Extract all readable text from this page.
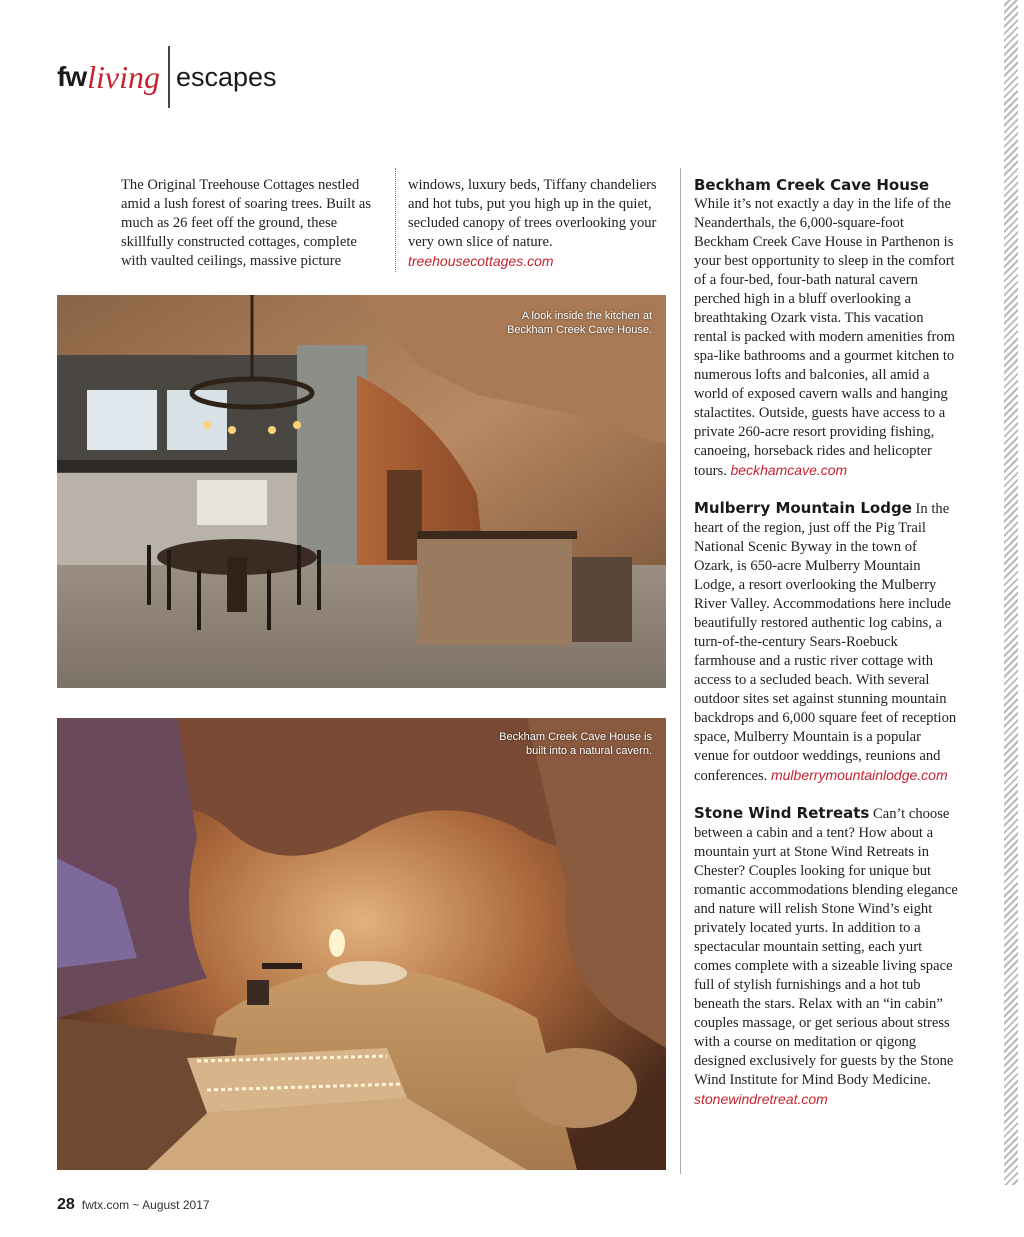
fw living escapes

The Original Treehouse Cottages nestled amid a lush forest of soaring trees. Built as much as 26 feet off the ground, these skillfully constructed cottages, complete with vaulted ceilings, massive picture

windows, luxury beds, Tiffany chandeliers and hot tubs, put you high up in the quiet, secluded canopy of trees overlooking your very own slice of nature.
treehousecottages.com

Beckham Creek Cave House
While it’s not exactly a day in the life of the Neanderthals, the 6,000-square-foot Beckham Creek Cave House in Parthenon is your best opportunity to sleep in the comfort of a four-bed, four-bath natural cavern perched high in a bluff overlooking a breathtaking Ozark vista. This vacation rental is packed with modern amenities from spa-like bathrooms and a gourmet kitchen to numerous lofts and balconies, all amid a world of exposed cavern walls and hanging stalactites. Outside, guests have access to a private 260-acre resort providing fishing, canoeing, horseback rides and helicopter tours. beckhamcave.com

Mulberry Mountain Lodge In the heart of the region, just off the Pig Trail National Scenic Byway in the town of Ozark, is 650-acre Mulberry Mountain Lodge, a resort overlooking the Mulberry River Valley. Accommodations here include beautifully restored authentic log cabins, a turn-of-the-century Sears-Roebuck farmhouse and a rustic river cottage with access to a secluded beach. With several outdoor sites set against stunning mountain backdrops and 6,000 square feet of reception space, Mulberry Mountain is a popular venue for outdoor weddings, reunions and conferences. mulberrymountainlodge.com

Stone Wind Retreats Can’t choose between a cabin and a tent? How about a mountain yurt at Stone Wind Retreats in Chester? Couples looking for unique but romantic accommodations blending elegance and nature will relish Stone Wind’s eight privately located yurts. In addition to a spectacular mountain setting, each yurt comes complete with a sizeable living space full of stylish furnishings and a hot tub beneath the stars. Relax with an “in cabin” couples massage, or get serious about stress with a course on meditation or qigong designed exclusively for guests by the Stone Wind Institute for Mind Body Medicine. stonewindretreat.com

A look inside the kitchen at
Beckham Creek Cave House.
Beckham Creek Cave House is
built into a natural cavern.
28 fwtx.com ~ August 2017
